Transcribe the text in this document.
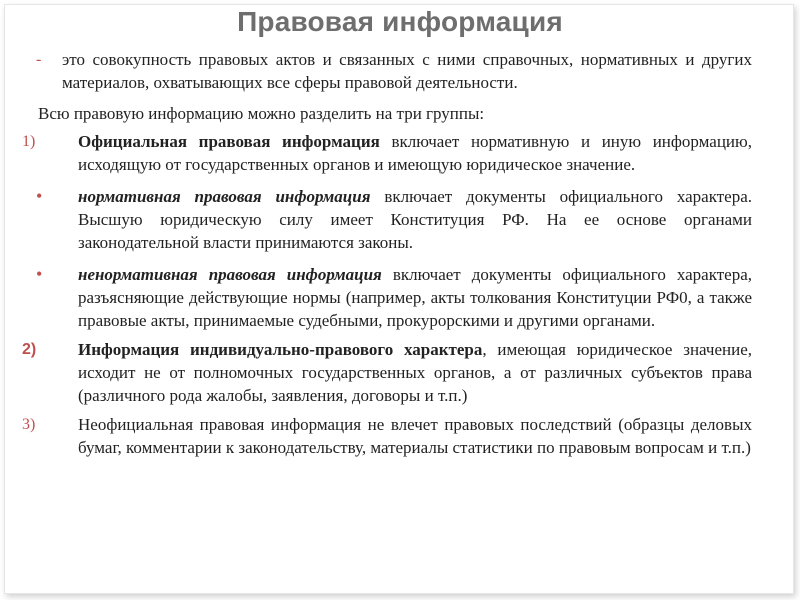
Правовая информация
- это совокупность правовых актов и связанных с ними справочных, нормативных и других материалов, охватывающих все сферы правовой деятельности.
Всю правовую информацию можно разделить на три группы:
1)	Официальная правовая информация включает нормативную и иную информацию, исходящую от государственных органов и имеющую юридическое значение.
• нормативная правовая информация включает документы официального характера. Высшую юридическую силу имеет Конституция РФ. На ее основе органами законодательной власти принимаются законы.
• ненормативная правовая информация включает документы официального характера, разъясняющие действующие нормы (например, акты толкования Конституции РФ0, а также правовые акты, принимаемые судебными, прокурорскими и другими органами.
2) Информация индивидуально-правового характера, имеющая юридическое значение, исходит не от полномочных государственных органов, а от различных субъектов права (различного рода жалобы, заявления, договоры и т.п.)
3)	Неофициальная правовая информация не влечет правовых последствий (образцы деловых бумаг, комментарии к законодательству, материалы статистики по правовым вопросам и т.п.)
